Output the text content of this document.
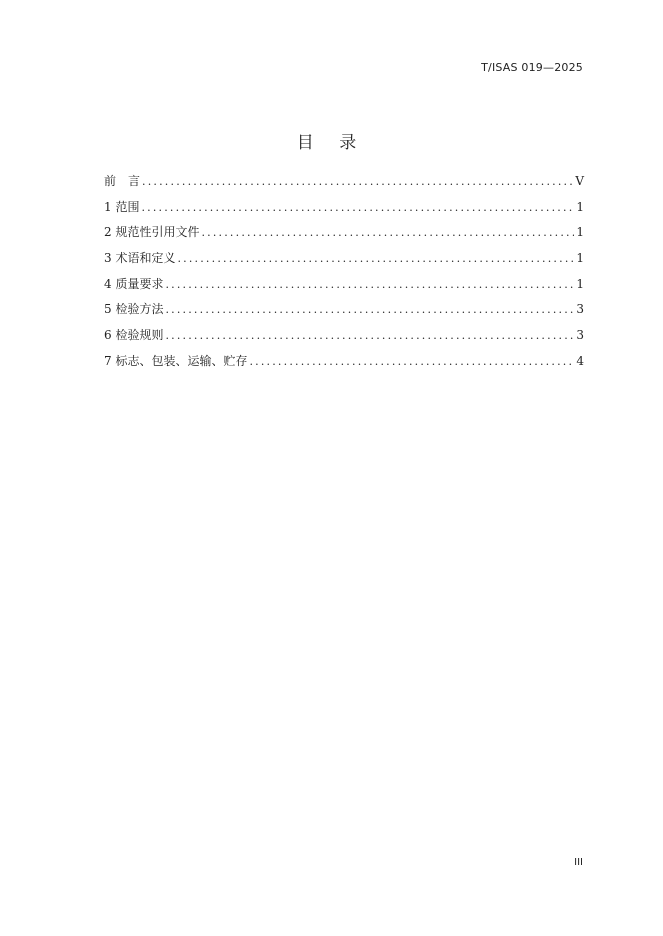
T/ISAS 019—2025
目 录
前　言 .....	V
1 范围 .....	1
2 规范性引用文件 .....	1
3 术语和定义 .....	1
4 质量要求 .....	1
5 检验方法 .....	3
6 检验规则 .....	3
7 标志、包装、运输、贮存 .....	4
III
